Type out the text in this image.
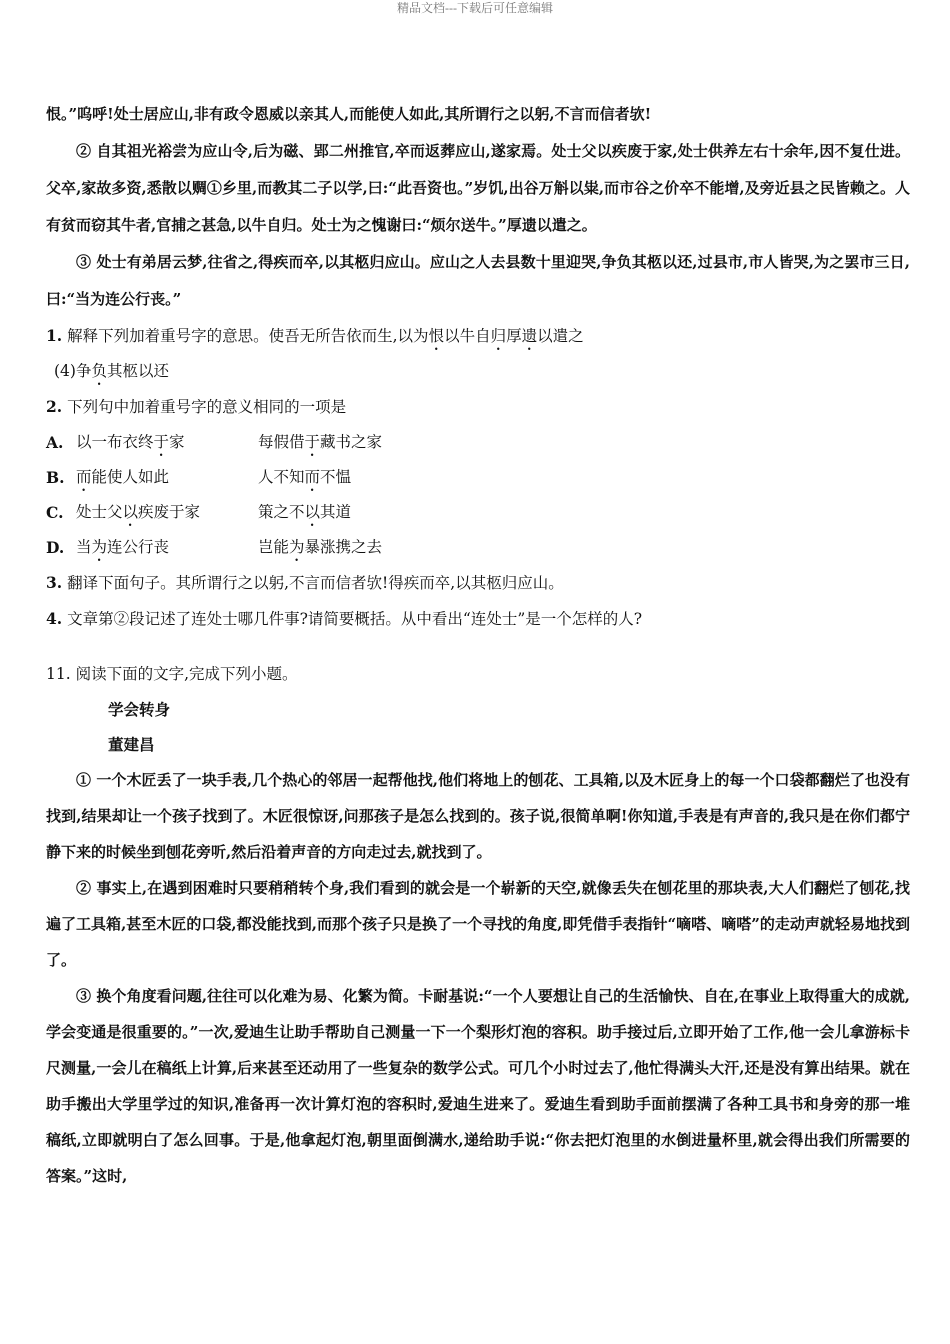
精品文档---下载后可任意编辑

恨。”呜呼!处士居应山,非有政令恩威以亲其人,而能使人如此,其所谓行之以躬,不言而信者欤!

② 自其祖光裕尝为应山令,后为磁、郢二州推官,卒而返葬应山,遂家焉。处士父以疾废于家,处士供养左右十余年,因不复仕进。父卒,家故多资,悉散以赒①乡里,而教其二子以学,曰:“此吾资也。”岁饥,出谷万斛以粜,而市谷之价卒不能增,及旁近县之民皆赖之。人有贫而窃其牛者,官捕之甚急,以牛自归。处士为之愧谢曰:“烦尔送牛。”厚遗以遣之。

③ 处士有弟居云梦,往省之,得疾而卒,以其柩归应山。应山之人去县数十里迎哭,争负其柩以还,过县市,市人皆哭,为之罢市三日,曰:“当为连公行丧。”

1. 解释下列加着重号字的意思。使吾无所告依而生,以为恨以牛自归厚遗以遣之

(4)争负其柩以还

2. 下列句中加着重号字的意义相同的一项是

A. 以一布衣终于家	每假借于藏书之家
B. 而能使人如此	人不知而不愠
C. 处士父以疾废于家	策之不以其道
D. 当为连公行丧	岂能为暴涨携之去

3. 翻译下面句子。其所谓行之以躬,不言而信者欤!得疾而卒,以其柩归应山。

4. 文章第②段记述了连处士哪几件事?请简要概括。从中看出“连处士”是一个怎样的人?

11. 阅读下面的文字,完成下列小题。

学会转身

董建昌

① 一个木匠丢了一块手表,几个热心的邻居一起帮他找,他们将地上的刨花、工具箱,以及木匠身上的每一个口袋都翻烂了也没有找到,结果却让一个孩子找到了。木匠很惊讶,问那孩子是怎么找到的。孩子说,很简单啊!你知道,手表是有声音的,我只是在你们都宁静下来的时候坐到刨花旁听,然后沿着声音的方向走过去,就找到了。

② 事实上,在遇到困难时只要稍稍转个身,我们看到的就会是一个崭新的天空,就像丢失在刨花里的那块表,大人们翻烂了刨花,找遍了工具箱,甚至木匠的口袋,都没能找到,而那个孩子只是换了一个寻找的角度,即凭借手表指针“嘀嗒、嘀嗒”的走动声就轻易地找到了。

③ 换个角度看问题,往往可以化难为易、化繁为简。卡耐基说:“一个人要想让自己的生活愉快、自在,在事业上取得重大的成就,学会变通是很重要的。”一次,爱迪生让助手帮助自己测量一下一个梨形灯泡的容积。助手接过后,立即开始了工作,他一会儿拿游标卡尺测量,一会儿在稿纸上计算,后来甚至还动用了一些复杂的数学公式。可几个小时过去了,他忙得满头大汗,还是没有算出结果。就在助手搬出大学里学过的知识,准备再一次计算灯泡的容积时,爱迪生进来了。爱迪生看到助手面前摆满了各种工具书和身旁的那一堆稿纸,立即就明白了怎么回事。于是,他拿起灯泡,朝里面倒满水,递给助手说:“你去把灯泡里的水倒进量杯里,就会得出我们所需要的答案。”这时,
